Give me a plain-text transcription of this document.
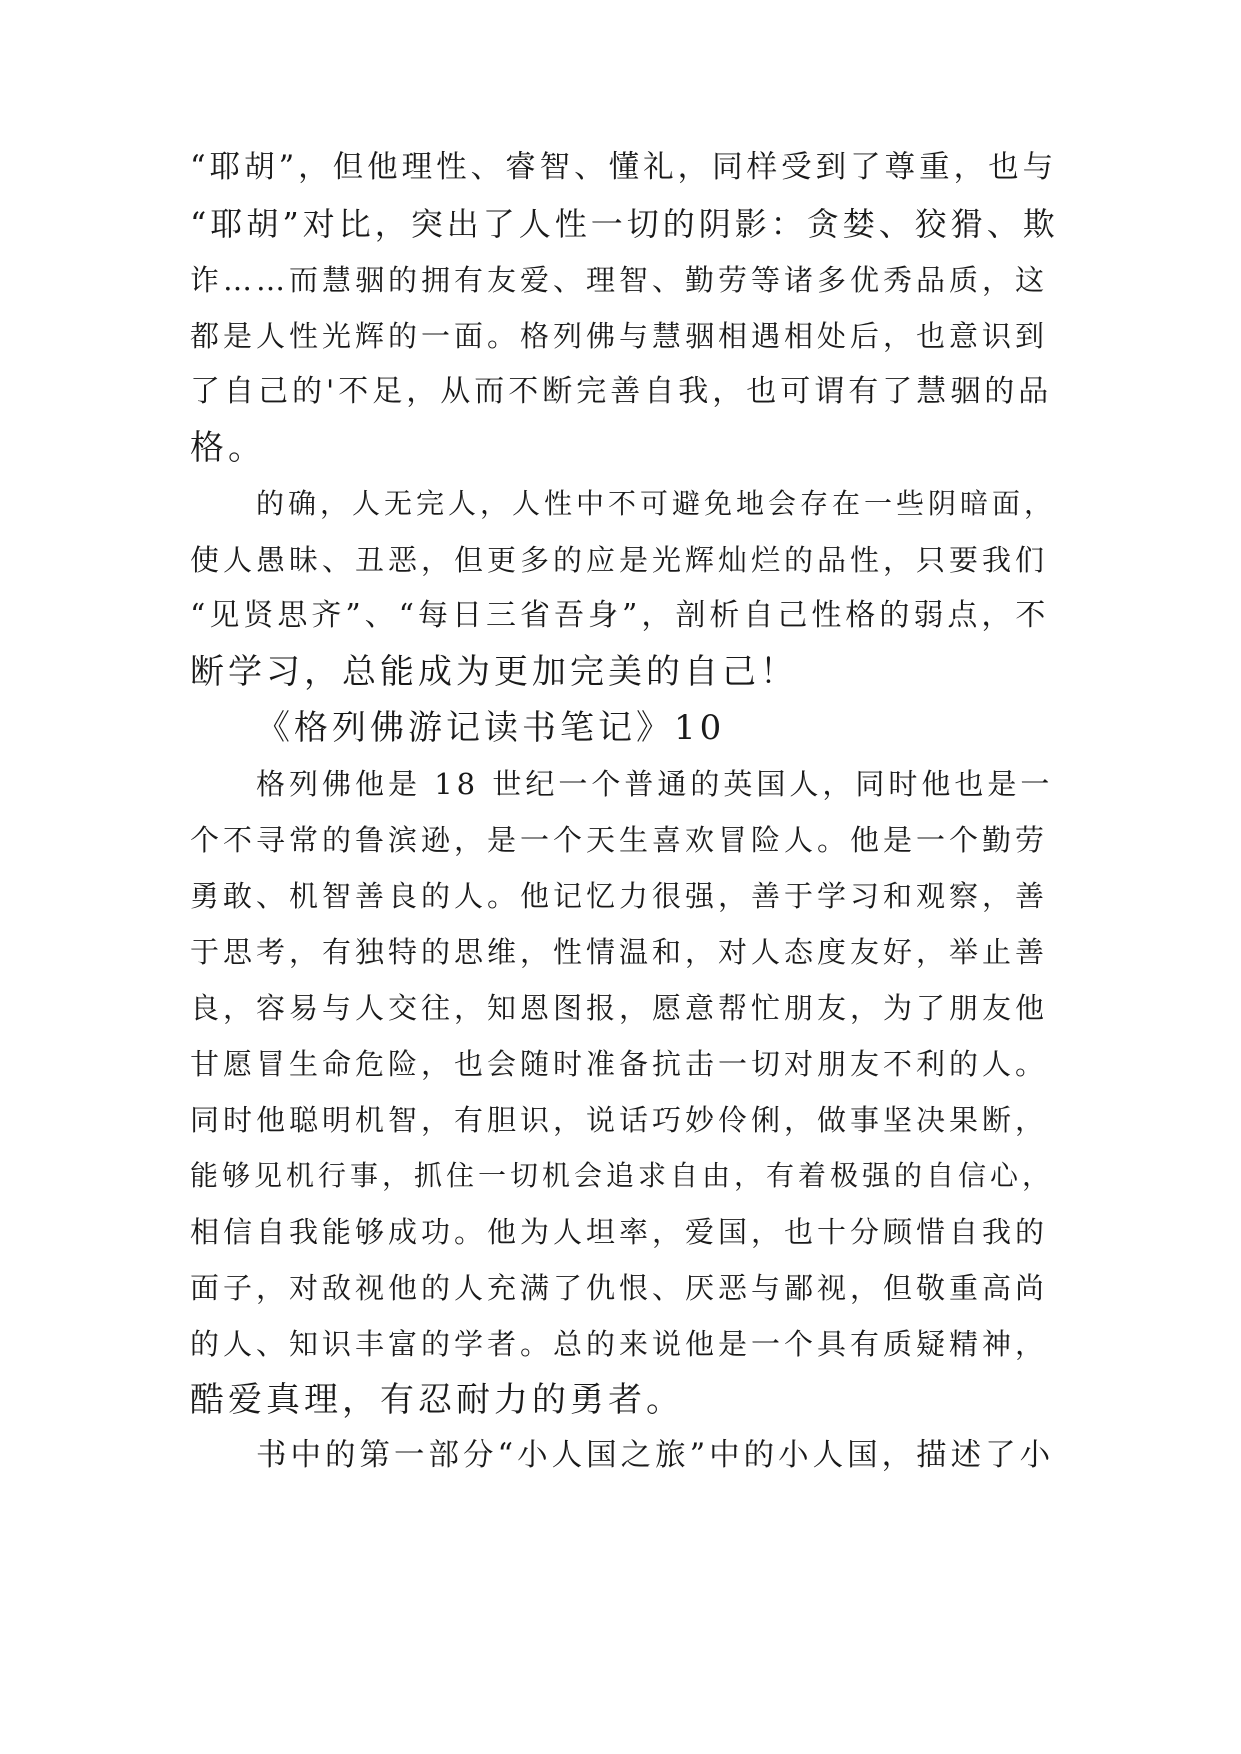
“耶胡”，但他理性、睿智、懂礼，同样受到了尊重，也与
“耶胡”对比，突出了人性一切的阴影：贪婪、狡猾、欺
诈……而慧骃的拥有友爱、理智、勤劳等诸多优秀品质，这
都是人性光辉的一面。格列佛与慧骃相遇相处后，也意识到
了自己的'不足，从而不断完善自我，也可谓有了慧骃的品
格。
的确，人无完人，人性中不可避免地会存在一些阴暗面，
使人愚昧、丑恶，但更多的应是光辉灿烂的品性，只要我们
“见贤思齐”、“每日三省吾身”，剖析自己性格的弱点，不
断学习，总能成为更加完美的自己！
《格列佛游记读书笔记》10
格列佛他是 18 世纪一个普通的英国人，同时他也是一
个不寻常的鲁滨逊，是一个天生喜欢冒险人。他是一个勤劳
勇敢、机智善良的人。他记忆力很强，善于学习和观察，善
于思考，有独特的思维，性情温和，对人态度友好，举止善
良，容易与人交往，知恩图报，愿意帮忙朋友，为了朋友他
甘愿冒生命危险，也会随时准备抗击一切对朋友不利的人。
同时他聪明机智，有胆识，说话巧妙伶俐，做事坚决果断，
能够见机行事，抓住一切机会追求自由，有着极强的自信心，
相信自我能够成功。他为人坦率，爱国，也十分顾惜自我的
面子，对敌视他的人充满了仇恨、厌恶与鄙视，但敬重高尚
的人、知识丰富的学者。总的来说他是一个具有质疑精神，
酷爱真理，有忍耐力的勇者。
书中的第一部分“小人国之旅”中的小人国，描述了小
